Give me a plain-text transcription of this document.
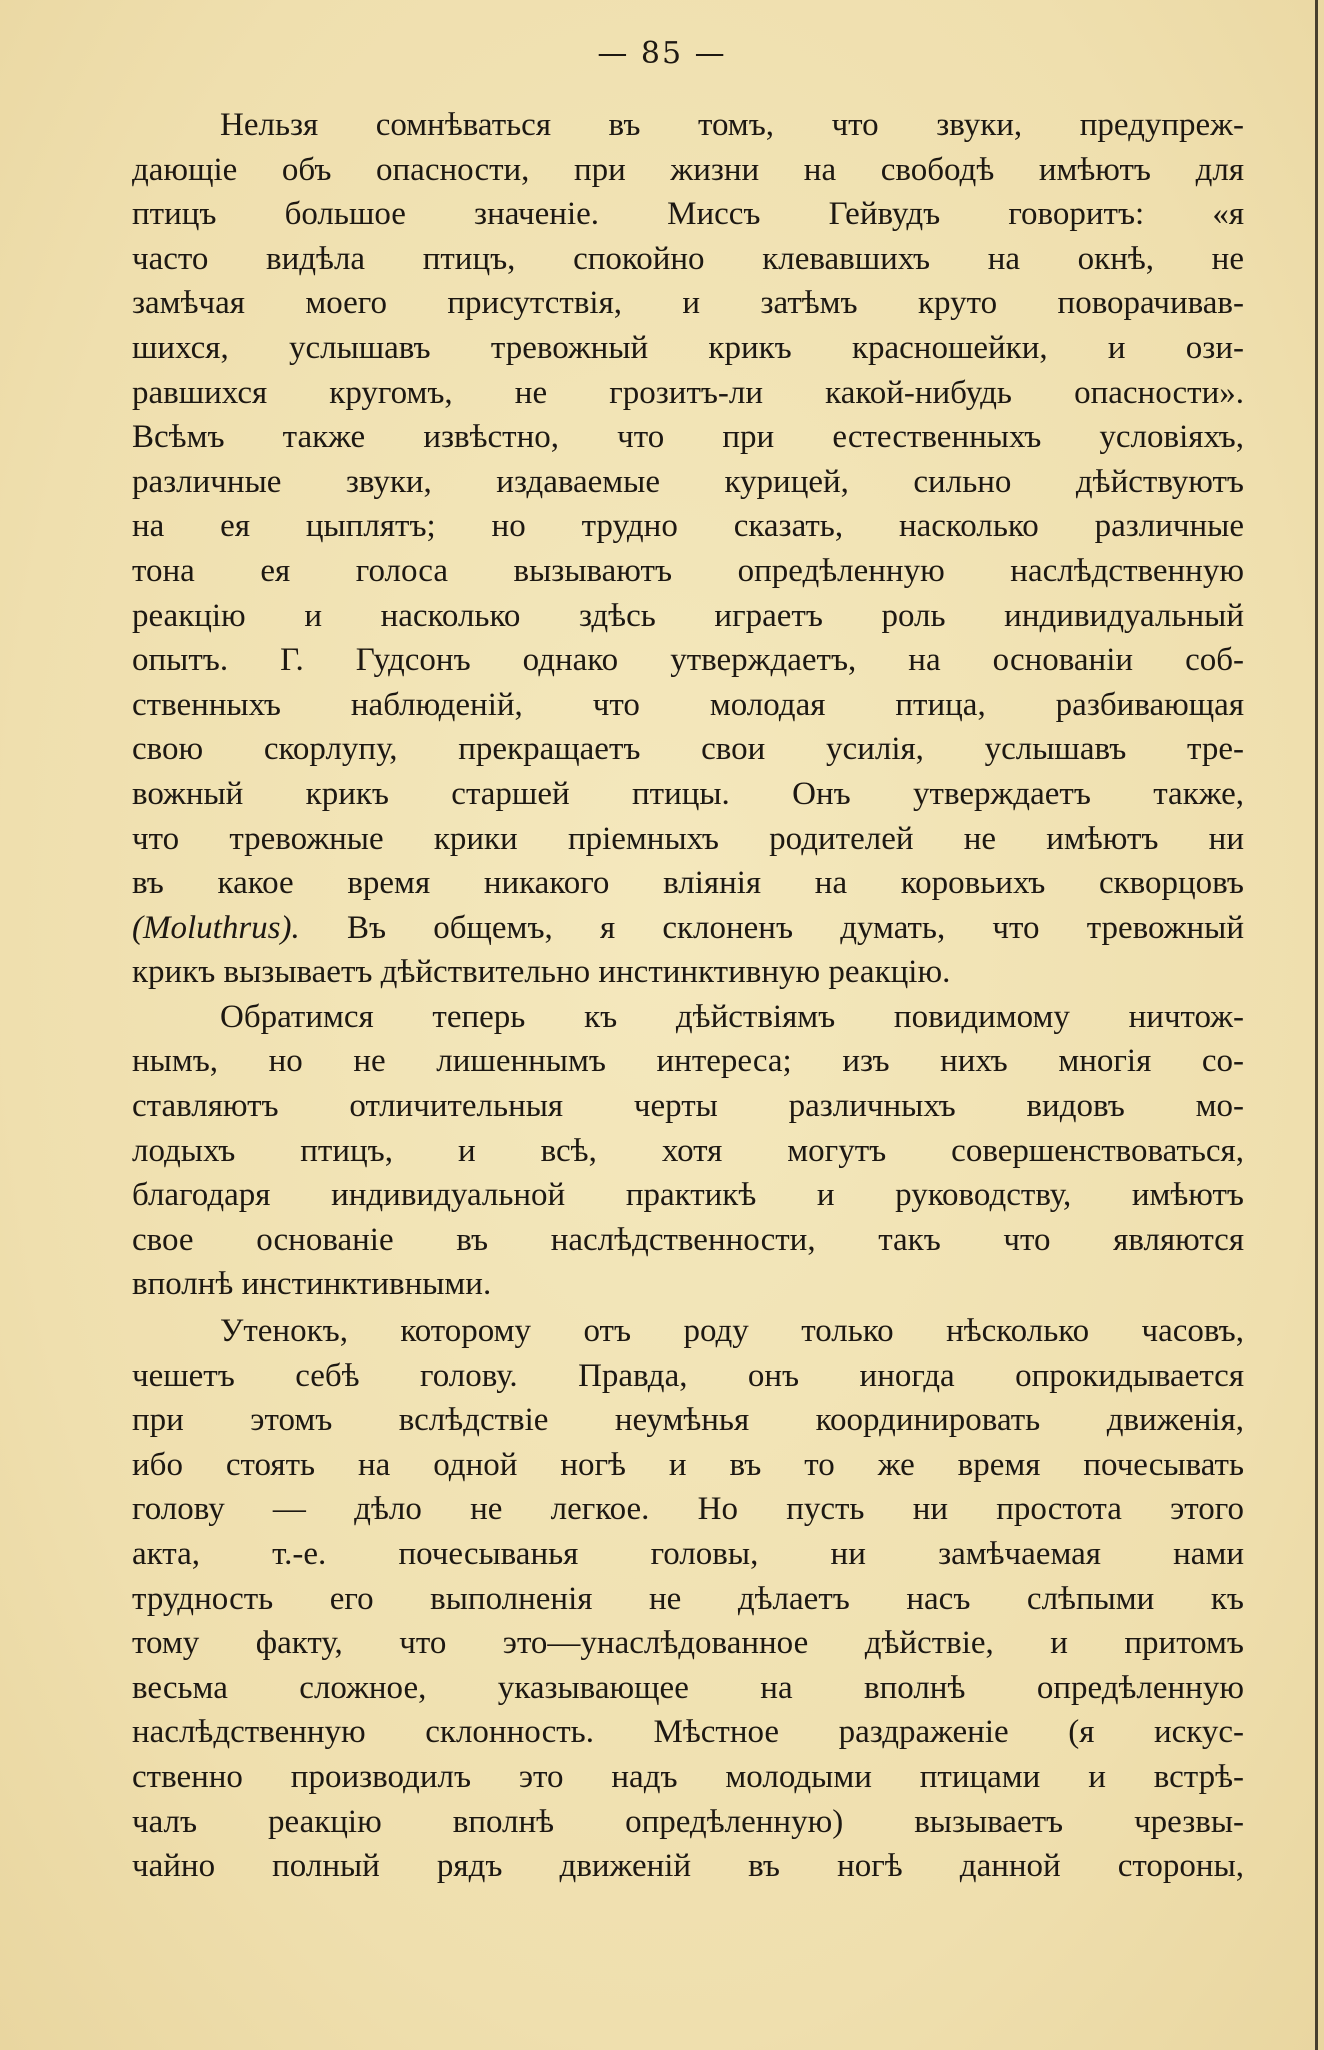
— 85 —
Нельзя сомнѣваться въ томъ, что звуки, предупреж-
дающіе объ опасности, при жизни на свободѣ имѣютъ для
птицъ большое значеніе. Миссъ Гейвудъ говоритъ: «я
часто видѣла птицъ, спокойно клевавшихъ на окнѣ, не
замѣчая моего присутствія, и затѣмъ круто поворачивав-
шихся, услышавъ тревожный крикъ красношейки, и ози-
равшихся кругомъ, не грозитъ-ли какой-нибудь опасности».
Всѣмъ также извѣстно, что при естественныхъ условіяхъ,
различные звуки, издаваемые курицей, сильно дѣйствуютъ
на ея цыплятъ; но трудно сказать, насколько различные
тона ея голоса вызываютъ опредѣленную наслѣдственную
реакцію и насколько здѣсь играетъ роль индивидуальный
опытъ. Г. Гудсонъ однако утверждаетъ, на основаніи соб-
ственныхъ наблюденій, что молодая птица, разбивающая
свою скорлупу, прекращаетъ свои усилія, услышавъ тре-
вожный крикъ старшей птицы. Онъ утверждаетъ также,
что тревожные крики пріемныхъ родителей не имѣютъ ни
въ какое время никакого вліянія на коровьихъ скворцовъ
(Moluthrus). Въ общемъ, я склоненъ думать, что тревожный
крикъ вызываетъ дѣйствительно инстинктивную реакцію.
Обратимся теперь къ дѣйствіямъ повидимому ничтож-
нымъ, но не лишеннымъ интереса; изъ нихъ многія со-
ставляютъ отличительныя черты различныхъ видовъ мо-
лодыхъ птицъ, и всѣ, хотя могутъ совершенствоваться,
благодаря индивидуальной практикѣ и руководству, имѣютъ
свое основаніе въ наслѣдственности, такъ что являются
вполнѣ инстинктивными.
Утенокъ, которому отъ роду только нѣсколько часовъ,
чешетъ себѣ голову. Правда, онъ иногда опрокидывается
при этомъ вслѣдствіе неумѣнья координировать движенія,
ибо стоять на одной ногѣ и въ то же время почесывать
голову — дѣло не легкое. Но пусть ни простота этого
акта, т.-е. почесыванья головы, ни замѣчаемая нами
трудность его выполненія не дѣлаетъ насъ слѣпыми къ
тому факту, что это—унаслѣдованное дѣйствіе, и притомъ
весьма сложное, указывающее на вполнѣ опредѣленную
наслѣдственную склонность. Мѣстное раздраженіе (я искус-
ственно производилъ это надъ молодыми птицами и встрѣ-
чалъ реакцію вполнѣ опредѣленную) вызываетъ чрезвы-
чайно полный рядъ движеній въ ногѣ данной стороны,
